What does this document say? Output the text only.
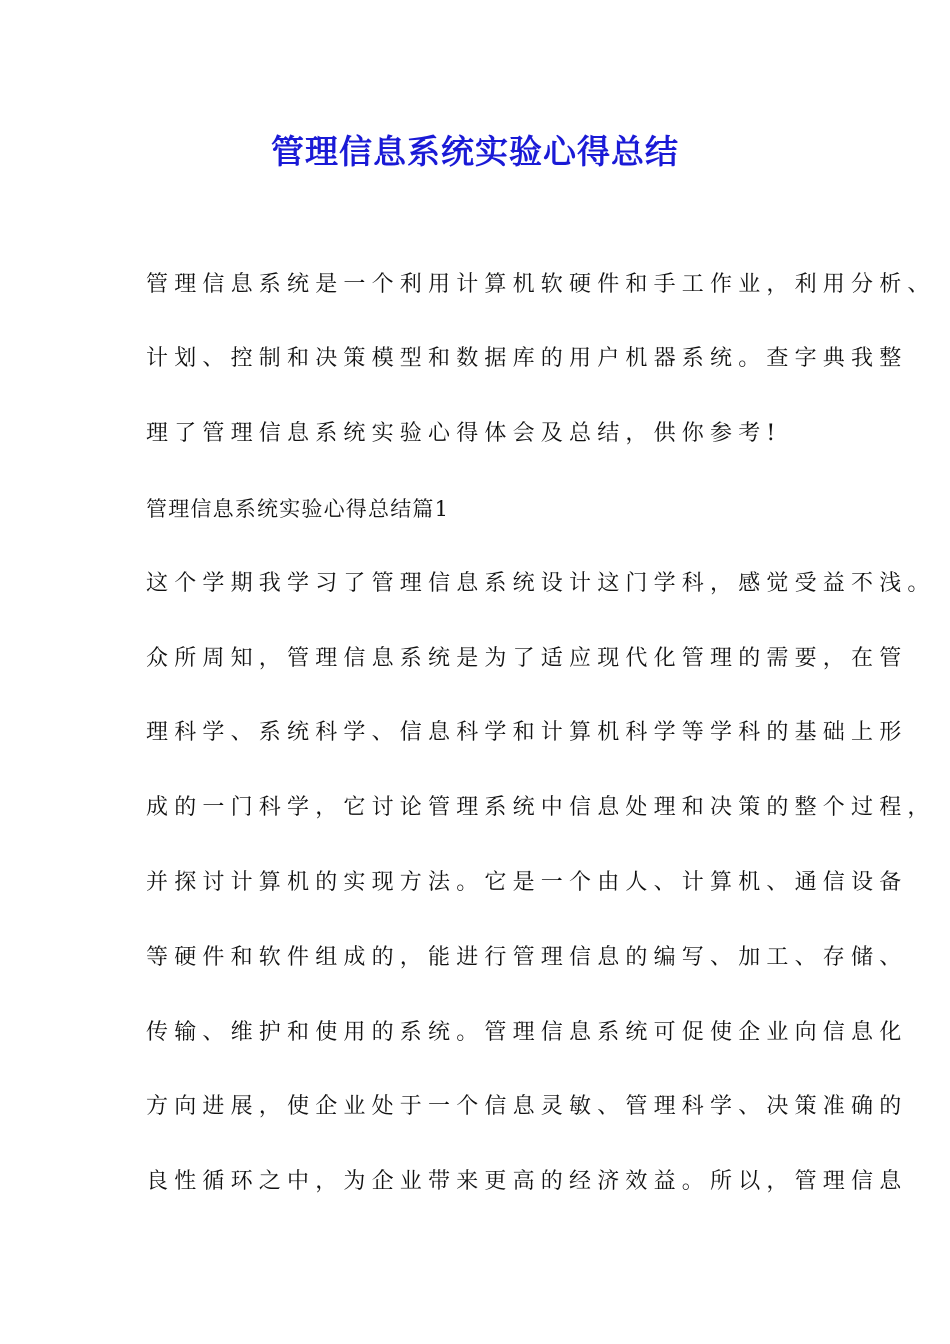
管理信息系统实验心得总结

管理信息系统是一个利用计算机软硬件和手工作业，利用分析、

计划、控制和决策模型和数据库的用户机器系统。查字典我整

理了管理信息系统实验心得体会及总结，供你参考!

管理信息系统实验心得总结篇1

这个学期我学习了管理信息系统设计这门学科，感觉受益不浅。

众所周知，管理信息系统是为了适应现代化管理的需要，在管

理科学、系统科学、信息科学和计算机科学等学科的基础上形

成的一门科学，它讨论管理系统中信息处理和决策的整个过程，

并探讨计算机的实现方法。它是一个由人、计算机、通信设备

等硬件和软件组成的，能进行管理信息的编写、加工、存储、

传输、维护和使用的系统。管理信息系统可促使企业向信息化

方向进展，使企业处于一个信息灵敏、管理科学、决策准确的

良性循环之中，为企业带来更高的经济效益。所以，管理信息
